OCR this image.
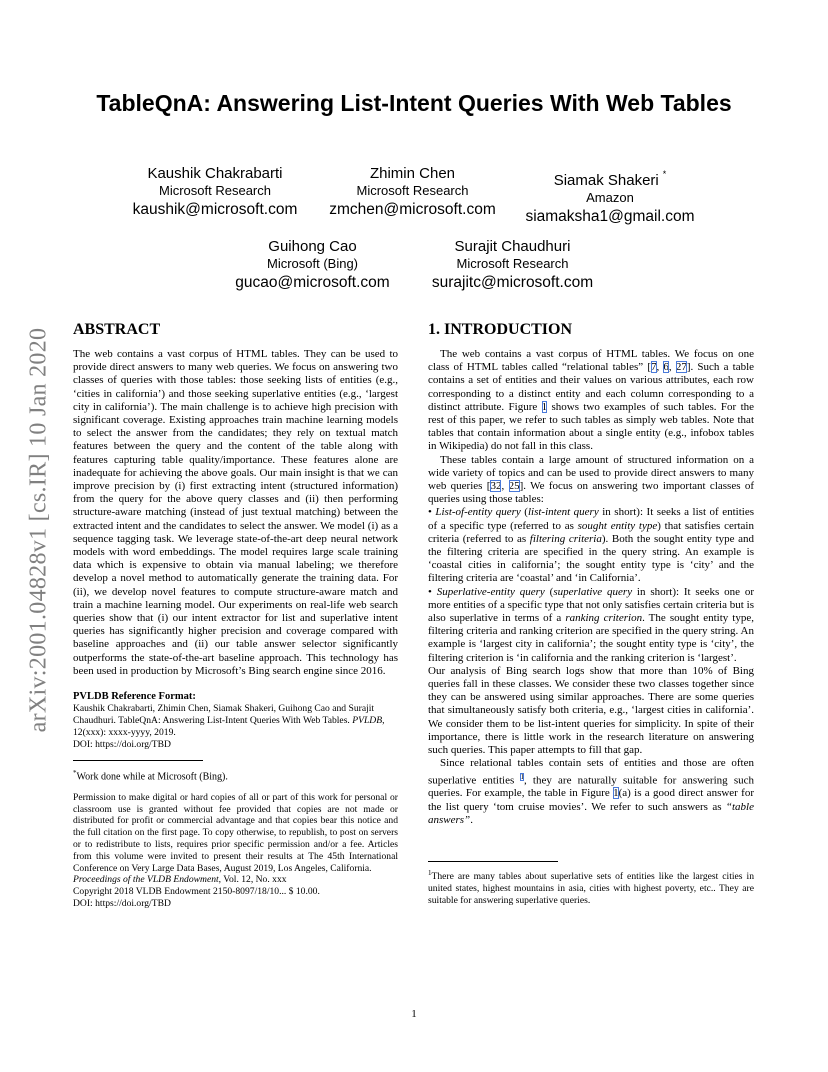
TableQnA: Answering List-Intent Queries With Web Tables
Kaushik Chakrabarti
Microsoft Research
kaushik@microsoft.com
Zhimin Chen
Microsoft Research
zmchen@microsoft.com
Siamak Shakeri *
Amazon
siamaksha1@gmail.com
Guihong Cao
Microsoft (Bing)
gucao@microsoft.com
Surajit Chaudhuri
Microsoft Research
surajitc@microsoft.com
arXiv:2001.04828v1 [cs.IR] 10 Jan 2020 ABSTRACT

The web contains a vast corpus of HTML tables. They can be used to provide direct answers to many web queries. We focus on answering two classes of queries with those tables: those seeking lists of entities (e.g., ‘cities in california’) and those seeking superlative entities (e.g., ‘largest city in california’). The main challenge is to achieve high precision with significant coverage. Existing approaches train machine learning models to select the answer from the candidates; they rely on textual match features between the query and the content of the table along with features capturing table quality/importance. These features alone are inadequate for achieving the above goals. Our main insight is that we can improve precision by (i) first extracting intent (structured information) from the query for the above query classes and (ii) then performing structure-aware matching (instead of just textual matching) between the extracted intent and the candidates to select the answer. We model (i) as a sequence tagging task. We leverage state-of-the-art deep neural network models with word embeddings. The model requires large scale training data which is expensive to obtain via manual labeling; we therefore develop a novel method to automatically generate the training data. For (ii), we develop novel features to compute structure-aware match and train a machine learning model. Our experiments on real-life web search queries show that (i) our intent extractor for list and superlative intent queries has significantly higher precision and coverage compared with baseline approaches and (ii) our table answer selector significantly outperforms the state-of-the-art baseline approach. This technology has been used in production by Microsoft’s Bing search engine since 2016.

PVLDB Reference Format:

Kaushik Chakrabarti, Zhimin Chen, Siamak Shakeri, Guihong Cao and Surajit Chaudhuri. TableQnA: Answering List-Intent Queries With Web Tables. PVLDB, 12(xxx): xxxx-yyyy, 2019.
DOI: https://doi.org/TBD

*Work done while at Microsoft (Bing).

Permission to make digital or hard copies of all or part of this work for personal or classroom use is granted without fee provided that copies are not made or distributed for profit or commercial advantage and that copies bear this notice and the full citation on the first page. To copy otherwise, to republish, to post on servers or to redistribute to lists, requires prior specific permission and/or a fee. Articles from this volume were invited to present their results at The 45th International Conference on Very Large Data Bases, August 2019, Los Angeles, California.

Proceedings of the VLDB Endowment, Vol. 12, No. xxx
Copyright 2018 VLDB Endowment 2150-8097/18/10... $ 10.00.
DOI: https://doi.org/TBD

1. INTRODUCTION

The web contains a vast corpus of HTML tables. We focus on one class of HTML tables called “relational tables” [7, 6, 27]. Such a table contains a set of entities and their values on various attributes, each row corresponding to a distinct entity and each column corresponding to a distinct attribute. Figure 1 shows two examples of such tables. For the rest of this paper, we refer to such tables as simply web tables. Note that tables that contain information about a single entity (e.g., infobox tables in Wikipedia) do not fall in this class.

These tables contain a large amount of structured information on a wide variety of topics and can be used to provide direct answers to many web queries [32, 25]. We focus on answering two important classes of queries using those tables:

• List-of-entity query (list-intent query in short): It seeks a list of entities of a specific type (referred to as sought entity type) that satisfies certain criteria (referred to as filtering criteria). Both the sought entity type and the filtering criteria are specified in the query string. An example is ‘coastal cities in california’; the sought entity type is ‘city’ and the filtering criteria are ‘coastal’ and ‘in California’.

• Superlative-entity query (superlative query in short): It seeks one or more entities of a specific type that not only satisfies certain criteria but is also superlative in terms of a ranking criterion. The sought entity type, filtering criteria and ranking criterion are specified in the query string. An example is ‘largest city in california’; the sought entity type is ‘city’, the filtering criterion is ‘in california and the ranking criterion is ‘largest’.

Our analysis of Bing search logs show that more than 10% of Bing queries fall in these classes. We consider these two classes together since they can be answered using similar approaches. There are some queries that simultaneously satisfy both criteria, e.g., ‘largest cities in california’. We consider them to be list-intent queries for simplicity. In spite of their importance, there is little work in the research literature on answering such queries. This paper attempts to fill that gap.

Since relational tables contain sets of entities and those are often superlative entities $^1$, they are naturally suitable for answering such queries. For example, the table in Figure 1(a) is a good direct answer for the list query ‘tom cruise movies’. We refer to such answers as “table answers”.

$^1$There are many tables about superlative sets of entities like the largest cities in united states, highest mountains in asia, cities with highest poverty, etc.. They are suitable for answering superlative queries.

1
